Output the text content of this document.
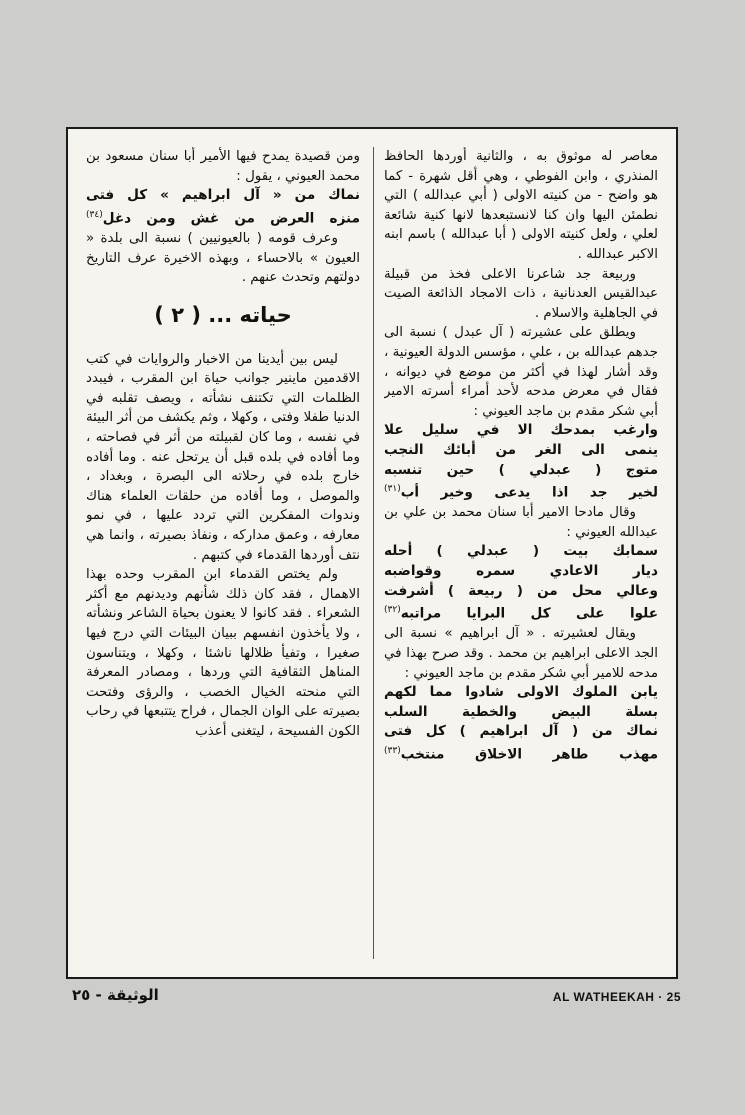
معاصر له موثوق به ، والثانية أوردها الحافظ المنذري ، وابن الفوطي ، وهي أقل شهرة - كما هو واضح - من كنيته الاولى ( أبي عبدالله ) التي نطمئن اليها وان كنا لانستبعدها لانها كنية شائعة لعلي ، ولعل كنيته الاولى ( أبا عبدالله ) باسم ابنه الاكبر عبدالله .

وربيعة جد شاعرنا الاعلى فخذ من قبيلة عبدالقيس العدنانية ، ذات الامجاد الذائعة الصيت في الجاهلية والاسلام .

ويطلق على عشيرته ( آل عبدل ) نسبة الى جدهم عبدالله بن ، علي ، مؤسس الدولة العيونية ، وقد أشار لهذا في أكثر من موضع في ديوانه ، فقال في معرض مدحه لأحد أمراء أسرته الامير أبي شكر مقدم بن ماجد العيوني :

وارغب بمدحك الا في سليل علا

ينمى الى الغر من أبائك النجب

متوج ( عبدلي ) حين تنسبه

لخير جد اذا يدعى وخير أب$^{(٣١)}$

وقال مادحا الامير أبا سنان محمد بن علي بن عبدالله العيوني :

سمابك بيت ( عبدلي ) أحله

ديار الاعادي سمره وقواضبه

وعالي محل من ( ربيعة ) أشرفت

علوا على كل البرايا مراتبه$^{(٣٢)}$

ويقال لعشيرته . « آل ابراهيم » نسبة الى الجد الاعلى ابراهيم بن محمد . وقد صرح بهذا في مدحه للامير أبي شكر مقدم بن ماجد العيوني :

يابن الملوك الاولى شادوا مما لكهم

بسلة البيض والخطية السلب

نماك من ( آل ابراهيم ) كل فتى

مهذب طاهر الاخلاق منتخب$^{(٣٣)}$

ومن قصيدة يمدح فيها الأمير أبا سنان مسعود بن محمد العيوني ، يقول :

نماك من « آل ابراهيم » كل فتى

منزه العرض من غش ومن دغل$^{(٣٤)}$

وعرف قومه ( بالعيونيين ) نسبة الى بلدة « العيون » بالاحساء ، وبهذه الاخيرة عرف التاريخ دولتهم وتحدث عنهم .

حياته ... ( ٢ )

ليس بين أيدينا من الاخبار والروايات في كتب الاقدمين ماينير جوانب حياة ابن المقرب ، فيبدد الظلمات التي تكتنف نشأته ، ويصف تقلبه في الدنيا طفلا وفتى ، وكهلا ، وثم يكشف من أثر البيئة في نفسه ، وما كان لقبيلته من أثر في فصاحته ، وما أفاده في بلده قبل أن يرتحل عنه . وما أفاده خارج بلده في رحلاته الى البصرة ، وبغداد ، والموصل ، وما أفاده من حلقات العلماء هناك وندوات المفكرين التي تردد عليها ، في نمو معارفه ، وعمق مداركه ، ونفاذ بصيرته ، وانما هي نتف أوردها القدماء في كتبهم .

ولم يختص القدماء ابن المقرب وحده بهذا الاهمال ، فقد كان ذلك شأنهم وديدنهم مع أكثر الشعراء . فقد كانوا لا يعنون بحياة الشاعر ونشأته ، ولا يأخذون انفسهم ببيان البيئات التي درج فيها صغيرا ، وتفيأ ظلالها ناشئا ، وكهلا ، ويتناسون المناهل الثقافية التي وردها ، ومصادر المعرفة التي منحته الخيال الخصب ، والرؤى وفتحت بصيرته على الوان الجمال ، فراح يتتبعها في رحاب الكون الفسيحة ، ليتغنى أعذب

الوثيقة - ٢٥	AL WATHEEKAH · 25
